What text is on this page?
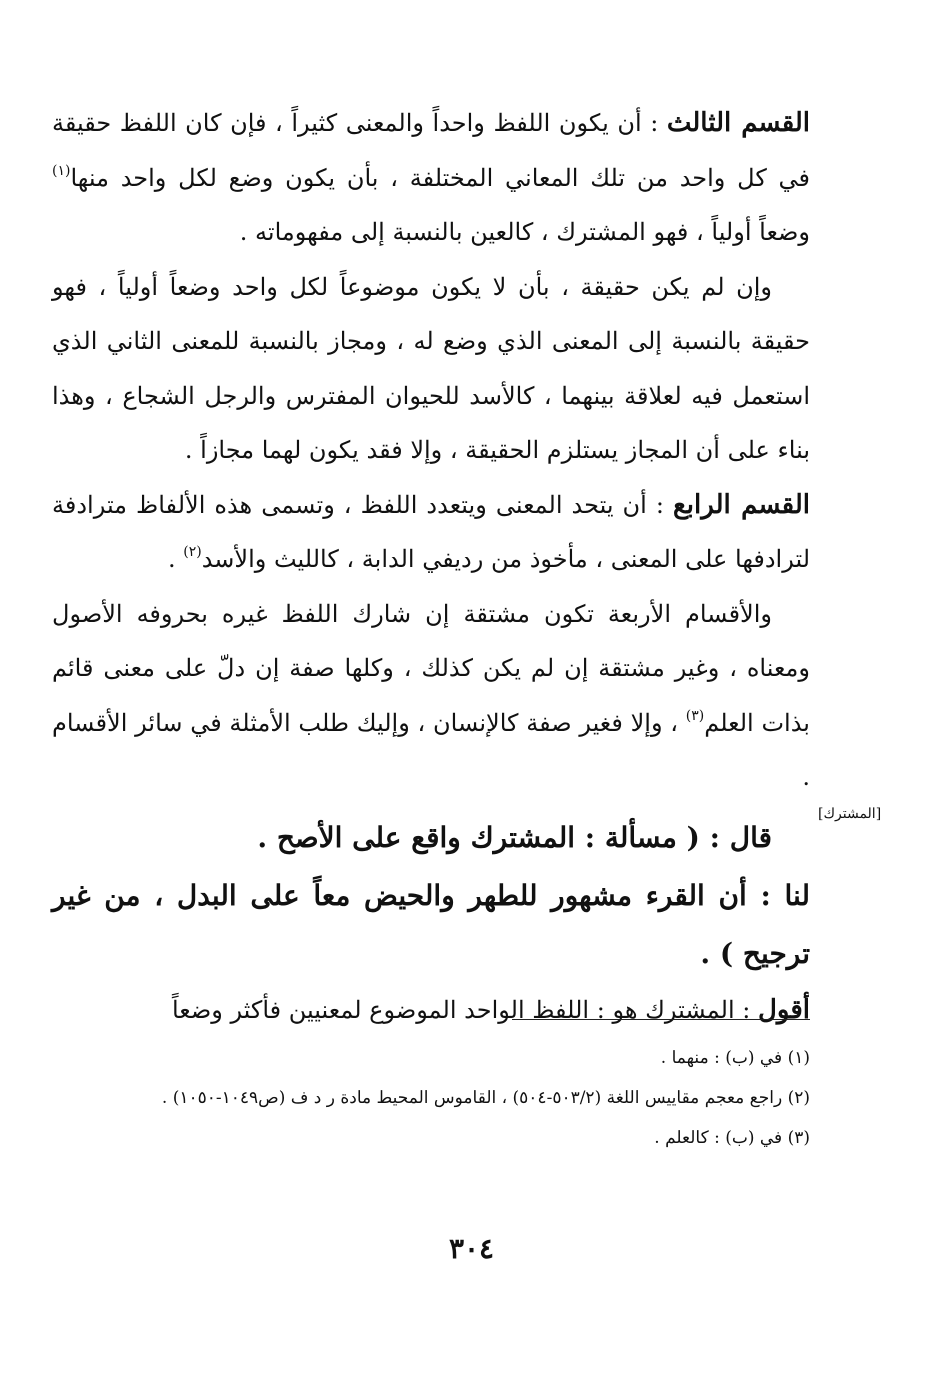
القسم الثالث : أن يكون اللفظ واحداً والمعنى كثيراً ، فإن كان اللفظ حقيقة في كل واحد من تلك المعاني المختلفة ، بأن يكون وضع لكل واحد منها$^{(١)}$ وضعاً أولياً ، فهو المشترك ، كالعين بالنسبة إلى مفهوماته .

وإن لم يكن حقيقة ، بأن لا يكون موضوعاً لكل واحد وضعاً أولياً ، فهو حقيقة بالنسبة إلى المعنى الذي وضع له ، ومجاز بالنسبة للمعنى الثاني الذي استعمل فيه لعلاقة بينهما ، كالأسد للحيوان المفترس والرجل الشجاع ، وهذا بناء على أن المجاز يستلزم الحقيقة ، وإلا فقد يكون لهما مجازاً .

القسم الرابع : أن يتحد المعنى ويتعدد اللفظ ، وتسمى هذه الألفاظ مترادفة لترادفها على المعنى ، مأخوذ من رديفي الدابة ، كالليث والأسد$^{(٢)}$ .

والأقسام الأربعة تكون مشتقة إن شارك اللفظ غيره بحروفه الأصول ومعناه ، وغير مشتقة إن لم يكن كذلك ، وكلها صفة إن دلّ على معنى قائم بذات العلم$^{(٣)}$ ، وإلا فغير صفة كالإنسان ، وإليك طلب الأمثلة في سائر الأقسام .

قال : ( مسألة : المشترك واقع على الأصح .

لنا : أن القرء مشهور للطهر والحيض معاً على البدل ، من غير ترجيح ) .

أقول : المشترك هو : اللفظ الواحد الموضوع لمعنيين فأكثر وضعاً

[المشترك]

(١) في (ب) : منهما .

(٢) راجع معجم مقاييس اللغة (٥٠٣/٢-٥٠٤) ، القاموس المحيط مادة ر د ف (ص١٠٤٩-١٠٥٠) .

(٣) في (ب) : كالعلم .

٣٠٤
